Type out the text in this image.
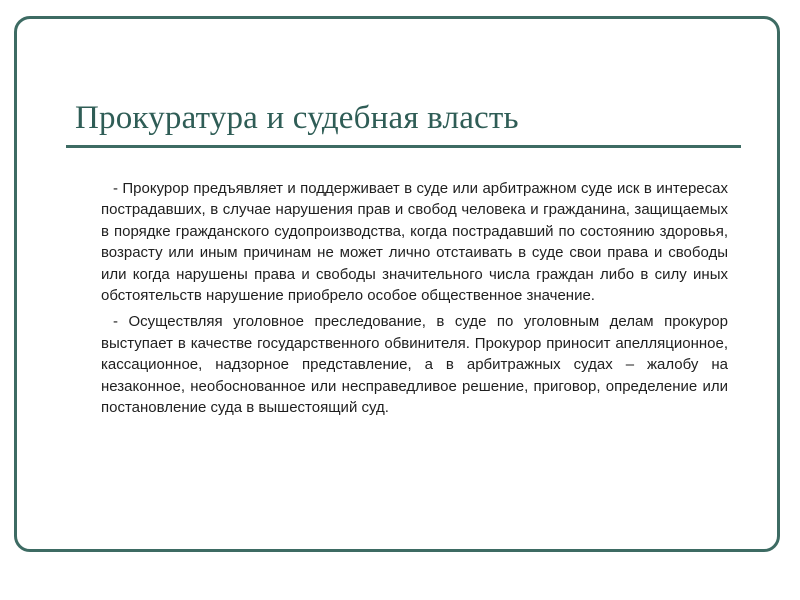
Прокуратура и судебная власть

- Прокурор предъявляет и поддерживает в суде или арбитражном суде иск в интересах пострадавших, в случае нарушения прав и свобод человека и гражданина, защищаемых в порядке гражданского судопроизводства, когда пострадавший по состоянию здоровья, возрасту или иным причинам не может лично отстаивать в суде свои права и свободы или когда нарушены права и свободы значительного числа граждан либо в силу иных обстоятельств нарушение приобрело особое общественное значение.

- Осуществляя уголовное преследование, в суде по уголовным делам прокурор выступает в качестве государственного обвинителя. Прокурор приносит апелляционное, кассационное, надзорное представление, а в арбитражных судах – жалобу на незаконное, необоснованное или несправедливое решение, приговор, определение или постановление суда в вышестоящий суд.
